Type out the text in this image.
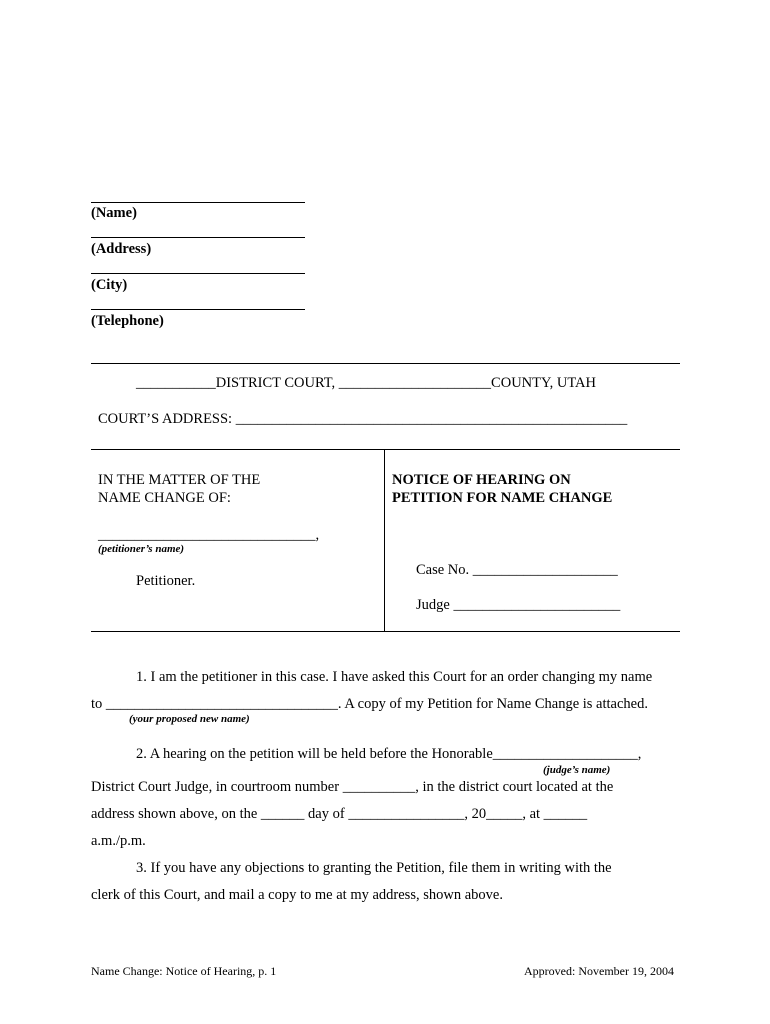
(Name)
(Address)
(City)
(Telephone)
___________DISTRICT COURT, _____________________COUNTY, UTAH
COURT’S ADDRESS: ______________________________________________________
IN THE MATTER OF THE
NAME CHANGE OF:
______________________________,
(petitioner’s name)
Petitioner.
NOTICE OF HEARING ON
PETITION FOR NAME CHANGE
Case No. ____________________
Judge _______________________
1. I am the petitioner in this case. I have asked this Court for an order changing my name
to ________________________________. A copy of my Petition for Name Change is attached.
(your proposed new name)
2. A hearing on the petition will be held before the Honorable____________________,
(judge’s name)
District Court Judge, in courtroom number __________, in the district court located at the
address shown above, on the ______ day of ________________, 20_____, at ______
a.m./p.m.
3. If you have any objections to granting the Petition, file them in writing with the
clerk of this Court, and mail a copy to me at my address, shown above.
Name Change: Notice of Hearing, p. 1	Approved: November 19, 2004
